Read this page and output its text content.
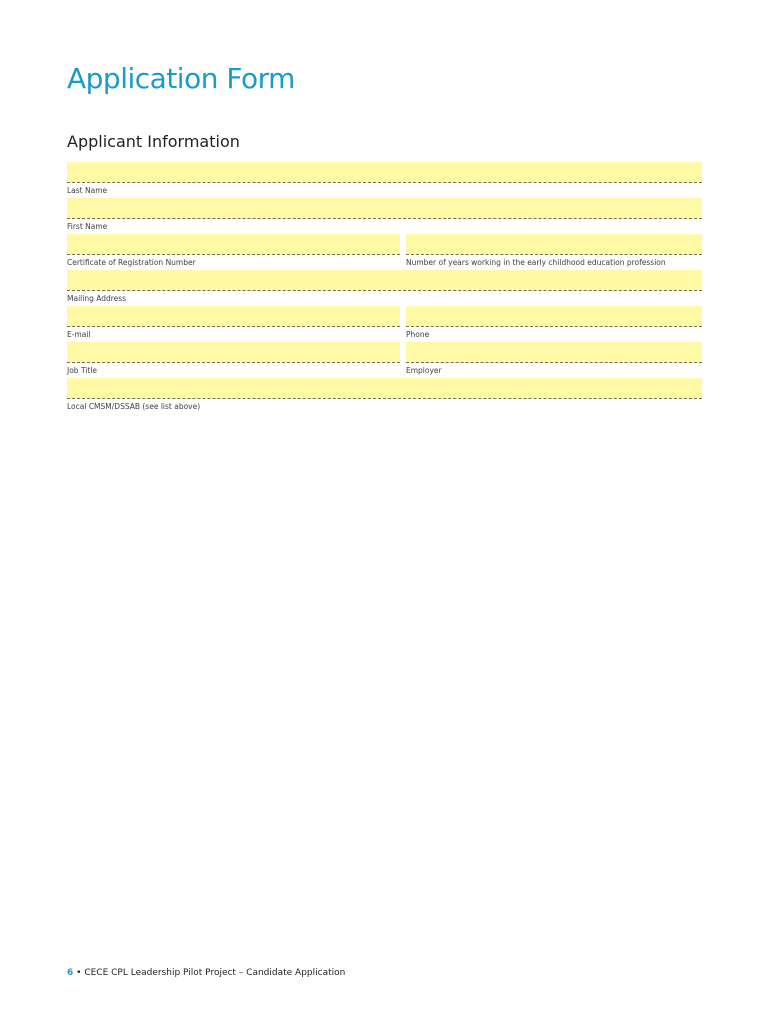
Application Form
Applicant Information
Last Name
First Name
Certificate of Registration Number	Number of years working in the early childhood education profession
Mailing Address
E-mail	Phone
Job Title	Employer
Local CMSM/DSSAB (see list above)
6 • CECE CPL Leadership Pilot Project – Candidate Application
